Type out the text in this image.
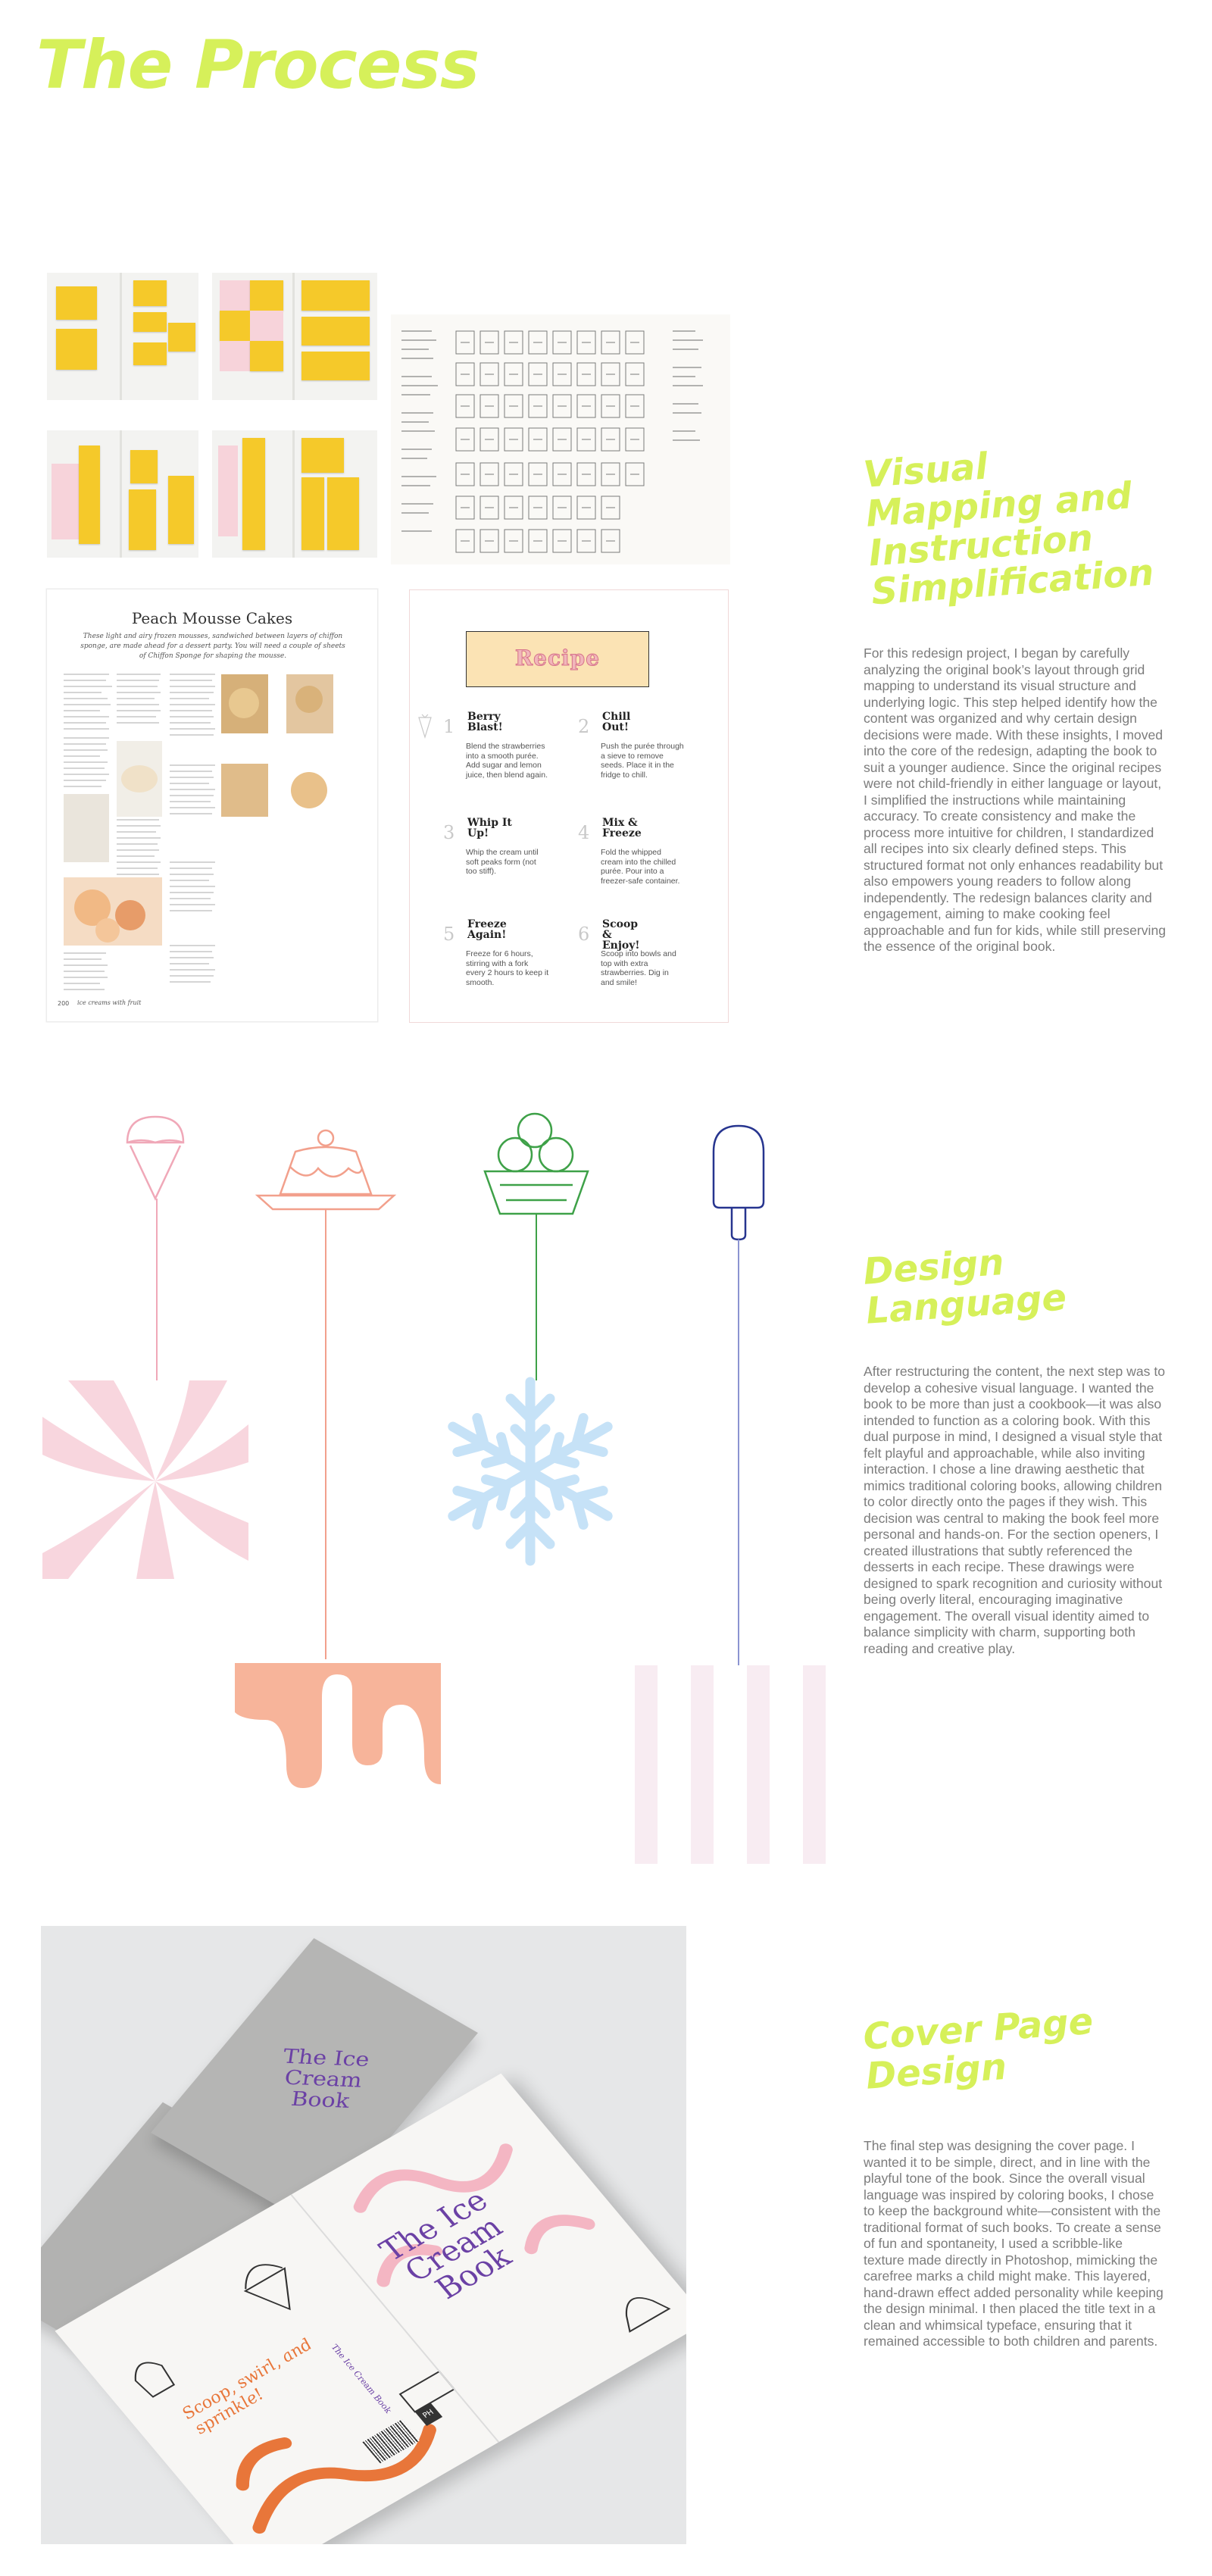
The Process
Peach Mousse Cakes
These light and airy frozen mousses, sandwiched between layers of chiffon sponge, are made ahead for a dessert party. You will need a couple of sheets of Chiffon Sponge for shaping the mousse.
200 ice creams with fruit
Recipe
1 Berry Blast!
Blend the strawberries into a smooth purée. Add sugar and lemon juice, then blend again.
2 Chill Out!
Push the purée through a sieve to remove seeds. Place it in the fridge to chill.
3 Whip It Up!
Whip the cream until soft peaks form (not too stiff).
4 Mix & Freeze
Fold the whipped cream into the chilled purée. Pour into a freezer-safe container.
5 Freeze Again!
Freeze for 6 hours, stirring with a fork every 2 hours to keep it smooth.
6 Scoop & Enjoy!
Scoop into bowls and top with extra strawberries. Dig in and smile!
Visual Mapping and Instruction Simplification
For this redesign project, I began by carefully analyzing the original book’s layout through grid mapping to understand its visual structure and underlying logic. This step helped identify how the content was organized and why certain design decisions were made. With these insights, I moved into the core of the redesign, adapting the book to suit a younger audience. Since the original recipes were not child-friendly in either language or layout, I simplified the instructions while maintaining accuracy. To create consistency and make the process more intuitive for children, I standardized all recipes into six clearly defined steps. This structured format not only enhances readability but also empowers young readers to follow along independently. The redesign balances clarity and engagement, aiming to make cooking feel approachable and fun for kids, while still preserving the essence of the original book.
Design Language
After restructuring the content, the next step was to develop a cohesive visual language. I wanted the book to be more than just a cookbook—it was also intended to function as a coloring book. With this dual purpose in mind, I designed a visual style that felt playful and approachable, while also inviting interaction. I chose a line drawing aesthetic that mimics traditional coloring books, allowing children to color directly onto the pages if they wish. This decision was central to making the book feel more personal and hands-on. For the section openers, I created illustrations that subtly referenced the desserts in each recipe. These drawings were designed to spark recognition and curiosity without being overly literal, encouraging imaginative engagement. The overall visual identity aimed to balance simplicity with charm, supporting both reading and creative play.
The Ice Cream Book
Scoop, swirl, and sprinkle!	The Ice Cream Book
The Ice Cream Book
PH
Cover Page Design
The final step was designing the cover page. I wanted it to be simple, direct, and in line with the playful tone of the book. Since the overall visual language was inspired by coloring books, I chose to keep the background white—consistent with the traditional format of such books. To create a sense of fun and spontaneity, I used a scribble-like texture made directly in Photoshop, mimicking the carefree marks a child might make. This layered, hand-drawn effect added personality while keeping the design minimal. I then placed the title text in a clean and whimsical typeface, ensuring that it remained accessible to both children and parents.
